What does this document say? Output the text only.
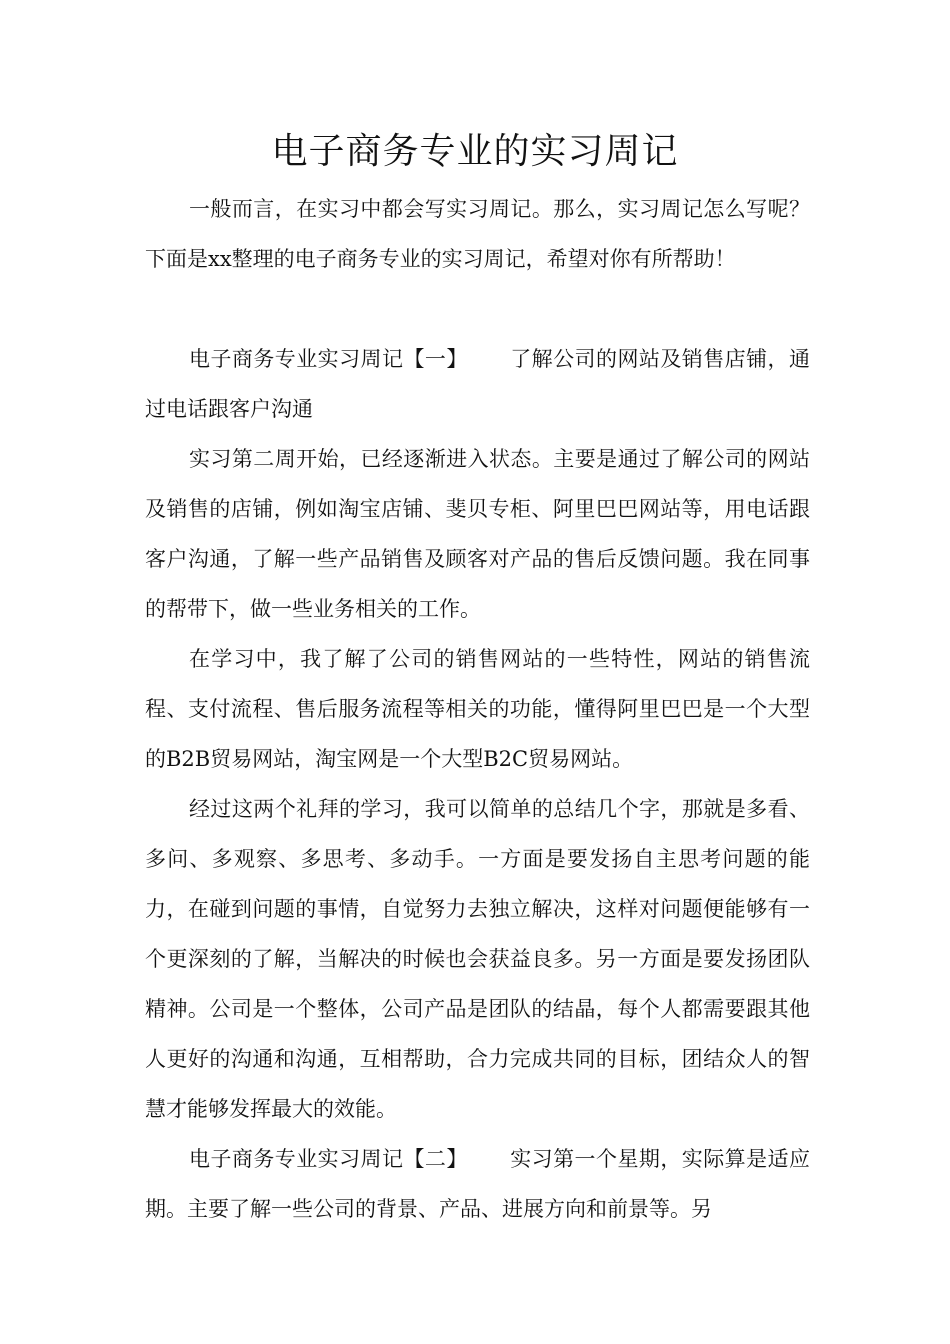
电子商务专业的实习周记

一般而言，在实习中都会写实习周记。那么，实习周记怎么写呢？下面是xx整理的电子商务专业的实习周记，希望对你有所帮助！

电子商务专业实习周记【一】 了解公司的网站及销售店铺，通过电话跟客户沟通

实习第二周开始，已经逐渐进入状态。主要是通过了解公司的网站及销售的店铺，例如淘宝店铺、斐贝专柜、阿里巴巴网站等，用电话跟客户沟通，了解一些产品销售及顾客对产品的售后反馈问题。我在同事的帮带下，做一些业务相关的工作。

在学习中，我了解了公司的销售网站的一些特性，网站的销售流程、支付流程、售后服务流程等相关的功能，懂得阿里巴巴是一个大型的B2B贸易网站，淘宝网是一个大型B2C贸易网站。

经过这两个礼拜的学习，我可以简单的总结几个字，那就是多看、多问、多观察、多思考、多动手。一方面是要发扬自主思考问题的能力，在碰到问题的事情，自觉努力去独立解决，这样对问题便能够有一个更深刻的了解，当解决的时候也会获益良多。另一方面是要发扬团队精神。公司是一个整体，公司产品是团队的结晶，每个人都需要跟其他人更好的沟通和沟通，互相帮助，合力完成共同的目标，团结众人的智慧才能够发挥最大的效能。

电子商务专业实习周记【二】 实习第一个星期，实际算是适应期。主要了解一些公司的背景、产品、进展方向和前景等。另
